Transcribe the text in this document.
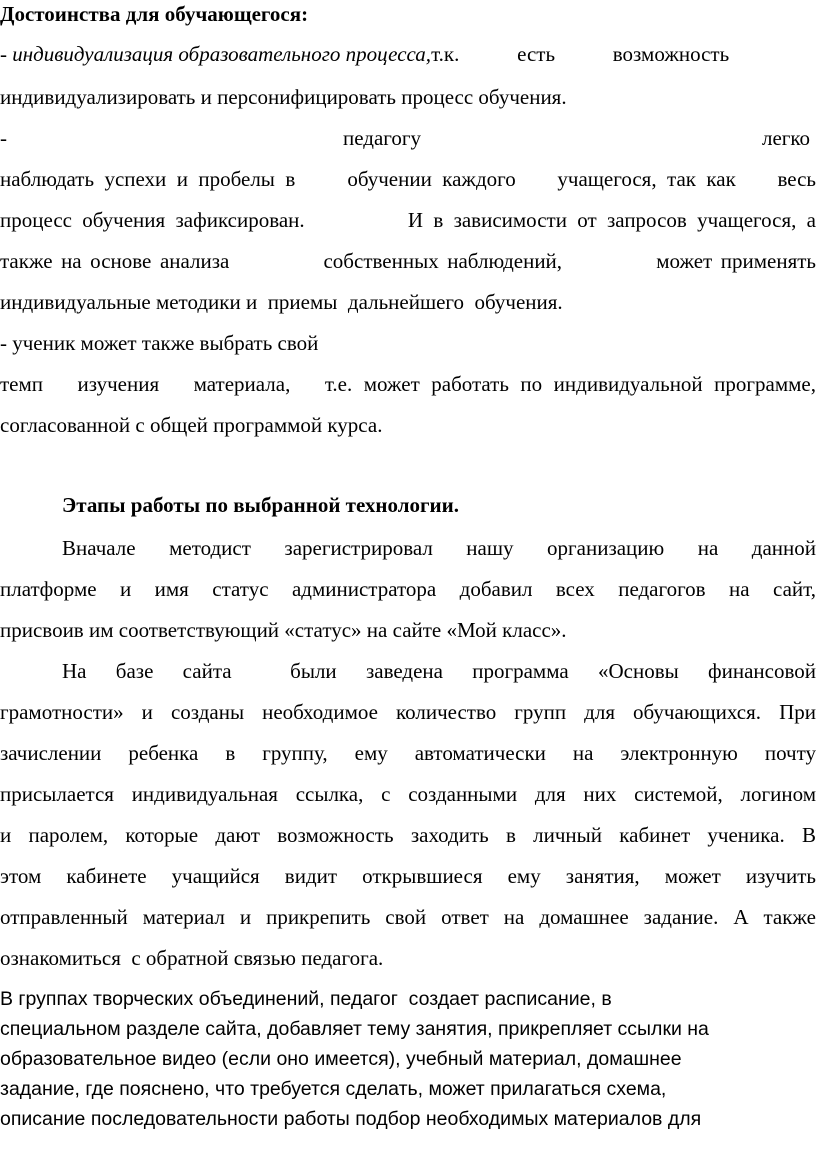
Достоинства для обучающегося:
- индивидуализация образовательного процесса,т.к.           есть           возможность
индивидуализировать и персонифицировать процесс обучения.
-	педагогу	легко
наблюдать успехи и пробелы в     обучении каждого    учащегося, так как    весь
процесс обучения зафиксирован.          И в зависимости от запросов учащегося, а
также на основе анализа           собственных наблюдений,           может применять
индивидуальные методики и  приемы  дальнейшего  обучения.
- ученик может также выбрать свой
темп   изучения   материала,   т.е. может работать по индивидуальной программе,
согласованной с общей программой курса.
Этапы работы по выбранной технологии.
Вначале методист зарегистрировал нашу организацию на данной
платформе и имя статус администратора добавил всех педагогов на сайт,
присвоив им соответствующий «статус» на сайте «Мой класс».
На базе сайта  были заведена программа «Основы финансовой
грамотности» и созданы необходимое количество групп для обучающихся. При
зачислении ребенка в группу, ему автоматически на электронную почту
присылается индивидуальная ссылка, с созданными для них системой, логином
и паролем, которые дают возможность заходить в личный кабинет ученика. В
этом кабинете учащийся видит открывшиеся ему занятия, может изучить
отправленный материал и прикрепить свой ответ на домашнее задание. А также
ознакомиться  с обратной связью педагога.
В группах творческих объединений, педагог  создает расписание, в
специальном разделе сайта, добавляет тему занятия, прикрепляет ссылки на
образовательное видео (если оно имеется), учебный материал, домашнее
задание, где пояснено, что требуется сделать, может прилагаться схема,
описание последовательности работы подбор необходимых материалов для
